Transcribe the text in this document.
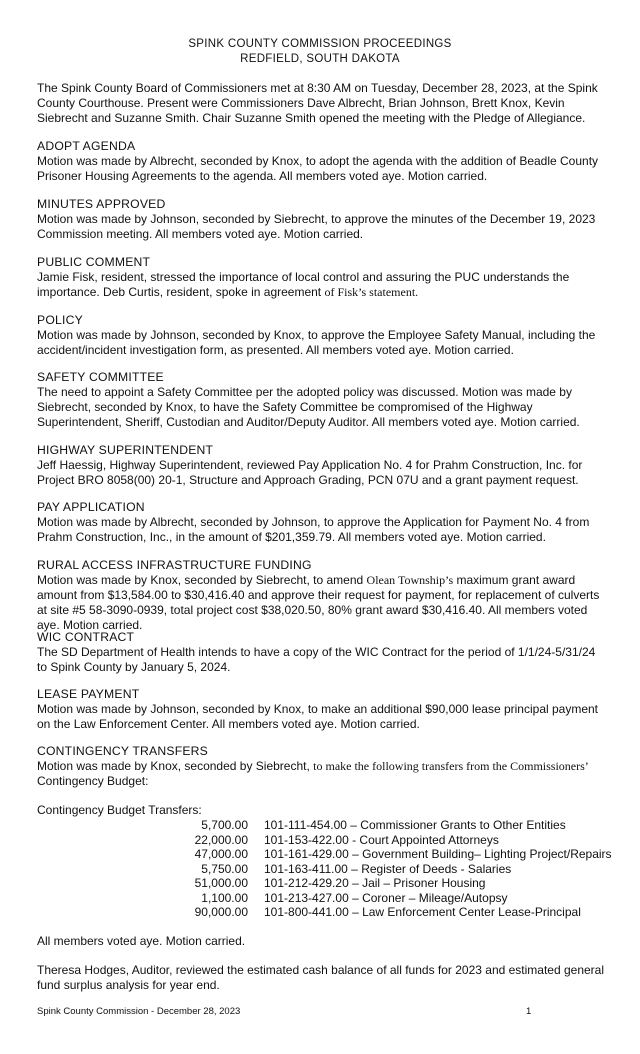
SPINK COUNTY COMMISSION PROCEEDINGS
REDFIELD, SOUTH DAKOTA

The Spink County Board of Commissioners met at 8:30 AM on Tuesday, December 28, 2023, at the Spink County Courthouse. Present were Commissioners Dave Albrecht, Brian Johnson, Brett Knox, Kevin Siebrecht and Suzanne Smith. Chair Suzanne Smith opened the meeting with the Pledge of Allegiance.

ADOPT AGENDA

Motion was made by Albrecht, seconded by Knox, to adopt the agenda with the addition of Beadle County Prisoner Housing Agreements to the agenda. All members voted aye. Motion carried.

MINUTES APPROVED

Motion was made by Johnson, seconded by Siebrecht, to approve the minutes of the December 19, 2023 Commission meeting. All members voted aye. Motion carried.

PUBLIC COMMENT

Jamie Fisk, resident, stressed the importance of local control and assuring the PUC understands the importance. Deb Curtis, resident, spoke in agreement of Fisk’s statement.

POLICY

Motion was made by Johnson, seconded by Knox, to approve the Employee Safety Manual, including the accident/incident investigation form, as presented. All members voted aye. Motion carried.

SAFETY COMMITTEE

The need to appoint a Safety Committee per the adopted policy was discussed. Motion was made by Siebrecht, seconded by Knox, to have the Safety Committee be compromised of the Highway Superintendent, Sheriff, Custodian and Auditor/Deputy Auditor. All members voted aye. Motion carried.

HIGHWAY SUPERINTENDENT

Jeff Haessig, Highway Superintendent, reviewed Pay Application No. 4 for Prahm Construction, Inc. for Project BRO 8058(00) 20-1, Structure and Approach Grading, PCN 07U and a grant payment request.

PAY APPLICATION

Motion was made by Albrecht, seconded by Johnson, to approve the Application for Payment No. 4 from Prahm Construction, Inc., in the amount of $201,359.79. All members voted aye. Motion carried.

RURAL ACCESS INFRASTRUCTURE FUNDING

Motion was made by Knox, seconded by Siebrecht, to amend Olean Township’s maximum grant award amount from $13,584.00 to $30,416.40 and approve their request for payment, for replacement of culverts at site #5 58-3090-0939, total project cost $38,020.50, 80% grant award $30,416.40. All members voted aye. Motion carried.

WIC CONTRACT

The SD Department of Health intends to have a copy of the WIC Contract for the period of 1/1/24-5/31/24 to Spink County by January 5, 2024.

LEASE PAYMENT

Motion was made by Johnson, seconded by Knox, to make an additional $90,000 lease principal payment on the Law Enforcement Center. All members voted aye. Motion carried.

CONTINGENCY TRANSFERS

Motion was made by Knox, seconded by Siebrecht, to make the following transfers from the Commissioners’ Contingency Budget:

Contingency Budget Transfers:
5,700.00 101-111-454.00 – Commissioner Grants to Other Entities
22,000.00 101-153-422.00 - Court Appointed Attorneys
47,000.00 101-161-429.00 – Government Building– Lighting Project/Repairs
5,750.00 101-163-411.00 – Register of Deeds - Salaries
51,000.00 101-212-429.20 – Jail – Prisoner Housing
1,100.00 101-213-427.00 – Coroner – Mileage/Autopsy
90,000.00 101-800-441.00 – Law Enforcement Center Lease-Principal

All members voted aye. Motion carried.

Theresa Hodges, Auditor, reviewed the estimated cash balance of all funds for 2023 and estimated general fund surplus analysis for year end.

Spink County Commission - December 28, 2023	1
